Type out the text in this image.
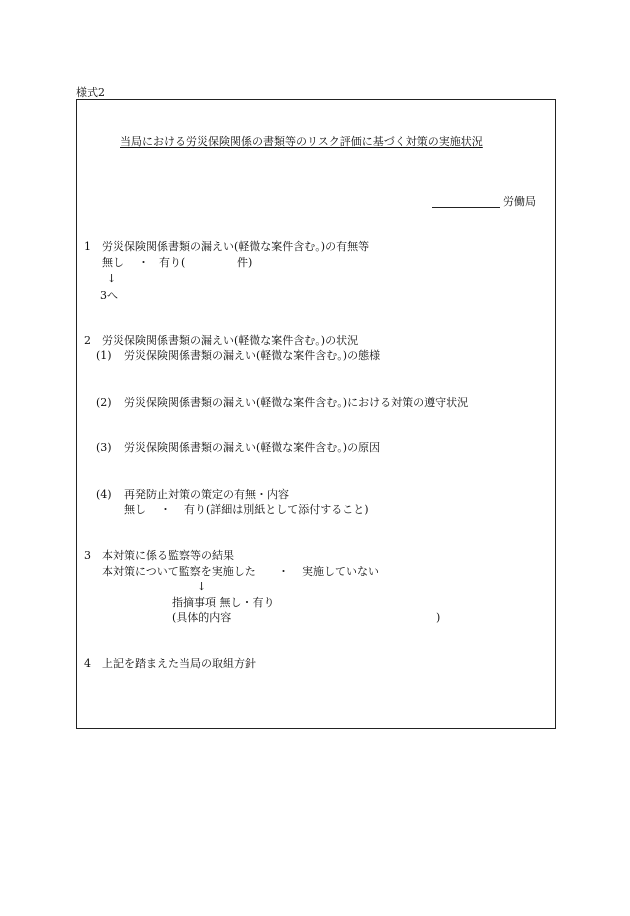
様式2
当局における労災保険関係の書類等のリスク評価に基づく対策の実施状況
労働局
1 労災保険関係書類の漏えい(軽微な案件含む。)の有無等
無し ・ 有り(	件)
↓
3へ
2 労災保険関係書類の漏えい(軽微な案件含む。)の状況
(1) 労災保険関係書類の漏えい(軽微な案件含む。)の態様
(2) 労災保険関係書類の漏えい(軽微な案件含む。)における対策の遵守状況
(3) 労災保険関係書類の漏えい(軽微な案件含む。)の原因
(4) 再発防止対策の策定の有無・内容
無し ・ 有り(詳細は別紙として添付すること)
3 本対策に係る監察等の結果
本対策について監察を実施した ・ 実施していない
↓
指摘事項 無し・有り
(具体的内容	)
4 上記を踏まえた当局の取組方針
